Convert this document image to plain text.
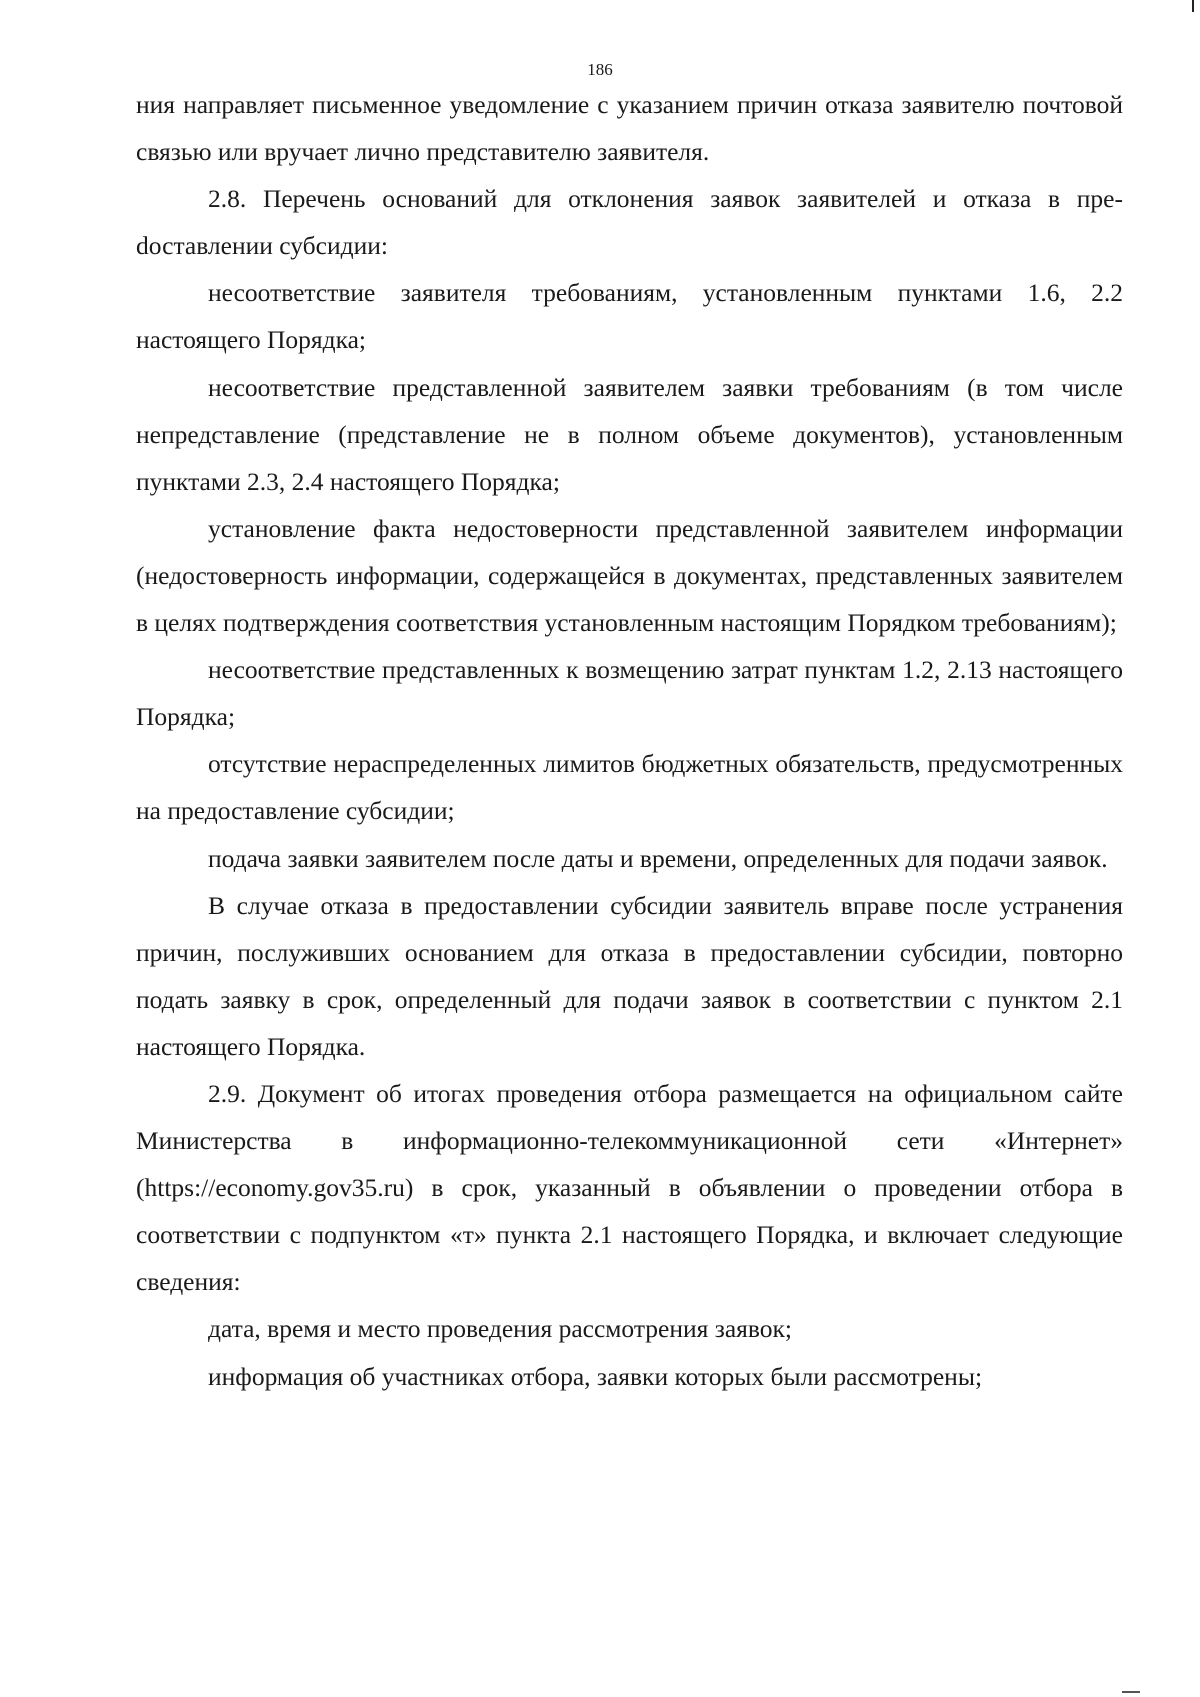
186

ния направляет письменное уведомление с указанием причин отказа заявителю почтовой связью или вручает лично представителю заявителя.

2.8. Перечень оснований для отклонения заявок заявителей и отказа в преdоставлении субсидии:

несоответствие заявителя требованиям, установленным пунктами 1.6, 2.2 настоящего Порядка;

несоответствие представленной заявителем заявки требованиям (в том числе непредставление (представление не в полном объеме документов), установленным пунктами 2.3, 2.4 настоящего Порядка;

установление факта недостоверности представленной заявителем информации (недостоверность информации, содержащейся в документах, представленных заявителем в целях подтверждения соответствия установленным настоящим Порядком требованиям);

несоответствие представленных к возмещению затрат пунктам 1.2, 2.13 настоящего Порядка;

отсутствие нераспределенных лимитов бюджетных обязательств, предусмотренных на предоставление субсидии;

подача заявки заявителем после даты и времени, определенных для подачи заявок.

В случае отказа в предоставлении субсидии заявитель вправе после устранения причин, послуживших основанием для отказа в предоставлении субсидии, повторно подать заявку в срок, определенный для подачи заявок в соответствии с пунктом 2.1 настоящего Порядка.

2.9. Документ об итогах проведения отбора размещается на официальном сайте Министерства в информационно-телекоммуникационной сети «Интернет» (https://economy.gov35.ru) в срок, указанный в объявлении о проведении отбора в соответствии с подпунктом «т» пункта 2.1 настоящего Порядка, и включает следующие сведения:

дата, время и место проведения рассмотрения заявок;

информация об участниках отбора, заявки которых были рассмотрены;
